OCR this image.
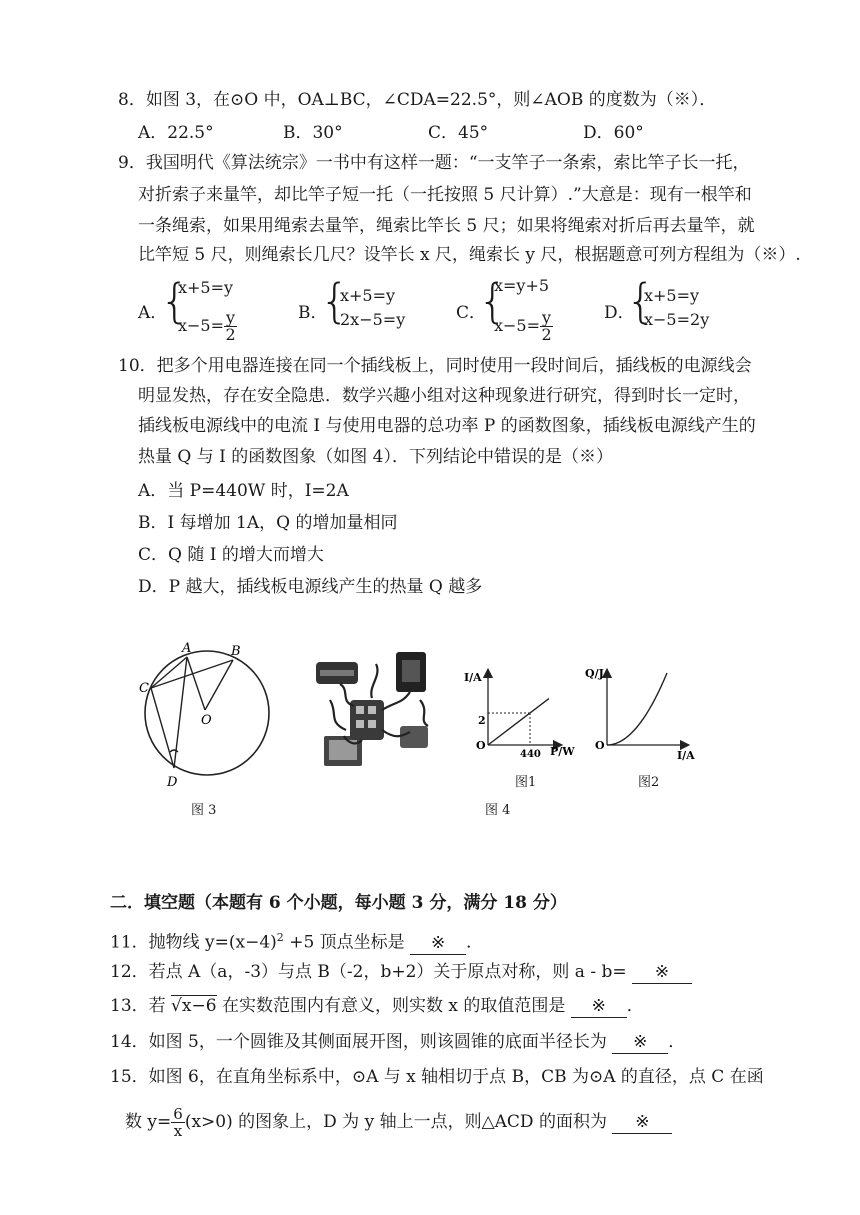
8．如图 3，在⊙O 中，OA⊥BC，∠CDA=22.5°，则∠AOB 的度数为（※）．
A．22.5°	B．30°	C．45°	D．60°
9．我国明代《算法统宗》一书中有这样一题：“一支竿子一条索，索比竿子长一托，
对折索子来量竿，却比竿子短一托（一托按照 5 尺计算）.”大意是：现有一根竿和
一条绳索，如果用绳索去量竿，绳索比竿长 5 尺；如果将绳索对折后再去量竿，就
比竿短 5 尺，则绳索长几尺？设竿长 x 尺，绳索长 y 尺，根据题意可列方程组为（※）.
A．
{
x+5=y
$x-5= \frac{y}{2}$	B．
{
x+5=y
2x−5=y	C．
{
x=y+5
$x-5= \frac{y}{2}$	D．
{
x+5=y
x−5=2y
10．把多个用电器连接在同一个插线板上，同时使用一段时间后，插线板的电源线会
明显发热，存在安全隐患．数学兴趣小组对这种现象进行研究，得到时长一定时，
插线板电源线中的电流 I 与使用电器的总功率 P 的函数图象，插线板电源线产生的
热量 Q 与 I 的函数图象（如图 4）．下列结论中错误的是（※）
A．当 P=440W 时，I=2A
B．I 每增加 1A，Q 的增加量相同
C．Q 随 I 的增大而增大
D．P 越大，插线板电源线产生的热量 Q 越多
A	B
C
D
O
图 3	图 4
I/A
P/W
O
2
440
图1
Q/J
I/A
O
图2
二．填空题（本题有 6 个小题，每小题 3 分，满分 18 分）
11．抛物线 $y=(x-4)^2 +5$ 顶点坐标是 ※ ．
12．若点 A（a，-3）与点 B（-2，b+2）关于原点对称，则 a - b= ※
13．若 √x−6 在实数范围内有意义，则实数 x 的取值范围是 ※ ．
14．如图 5，一个圆锥及其侧面展开图，则该圆锥的底面半径长为 ※ ．
15．如图 6，在直角坐标系中，⊙A 与 x 轴相切于点 B，CB 为⊙A 的直径，点 C 在函
数 $y= \frac{6}{x} (x>0)$ 的图象上，D 为 y 轴上一点，则△ACD 的面积为 ※
